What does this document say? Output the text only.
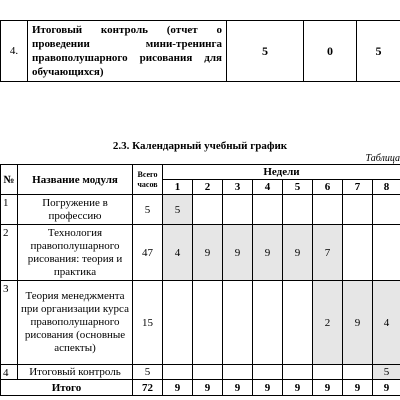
4.	Итоговый контроль (отчет о проведении мини-тренинга правополушарного рисования для обучающихся)	5	0	5
2.3. Календарный учебный график
Таблица
№	Название модуля	Всего часов	Недели							
			1	2	3	4	5	6	7	8
1	Погружение в профессию	5	5							
2	Технология правополушарного рисования: теория и практика	47	4	9	9	9	9	7		
3	Теория менеджмента при организации курса правополушарного рисования (основные аспекты)	15						2	9	4
4	Итоговый контроль	5								5
Итого		72	9	9	9	9	9	9	9	9
